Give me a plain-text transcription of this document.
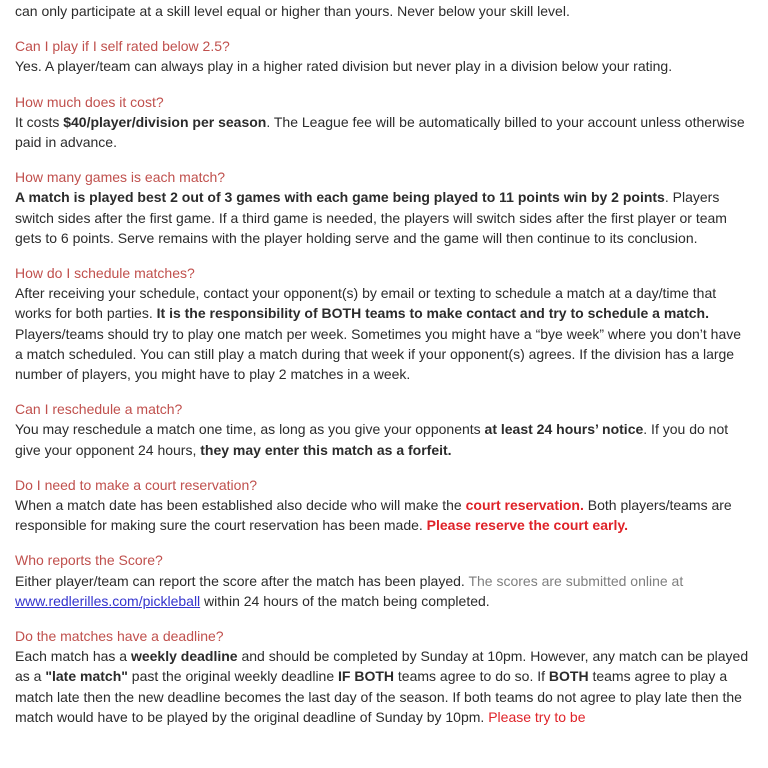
can only participate at a skill level equal or higher than yours. Never below your skill level.

Can I play if I self rated below 2.5?

Yes. A player/team can always play in a higher rated division but never play in a division below your rating.

How much does it cost?

It costs $40/player/division per season. The League fee will be automatically billed to your account unless otherwise paid in advance.

How many games is each match?

A match is played best 2 out of 3 games with each game being played to 11 points win by 2 points. Players switch sides after the first game. If a third game is needed, the players will switch sides after the first player or team gets to 6 points. Serve remains with the player holding serve and the game will then continue to its conclusion.

How do I schedule matches?

After receiving your schedule, contact your opponent(s) by email or texting to schedule a match at a day/time that works for both parties. It is the responsibility of BOTH teams to make contact and try to schedule a match. Players/teams should try to play one match per week. Sometimes you might have a “bye week” where you don’t have a match scheduled. You can still play a match during that week if your opponent(s) agrees. If the division has a large number of players, you might have to play 2 matches in a week.

Can I reschedule a match?

You may reschedule a match one time, as long as you give your opponents at least 24 hours’ notice. If you do not give your opponent 24 hours, they may enter this match as a forfeit.

Do I need to make a court reservation?

When a match date has been established also decide who will make the court reservation. Both players/teams are responsible for making sure the court reservation has been made. Please reserve the court early.

Who reports the Score?

Either player/team can report the score after the match has been played. The scores are submitted online at www.redlerilles.com/pickleball within 24 hours of the match being completed.

Do the matches have a deadline?

Each match has a weekly deadline and should be completed by Sunday at 10pm. However, any match can be played as a "late match" past the original weekly deadline IF BOTH teams agree to do so. If BOTH teams agree to play a match late then the new deadline becomes the last day of the season. If both teams do not agree to play late then the match would have to be played by the original deadline of Sunday by 10pm. Please try to be
